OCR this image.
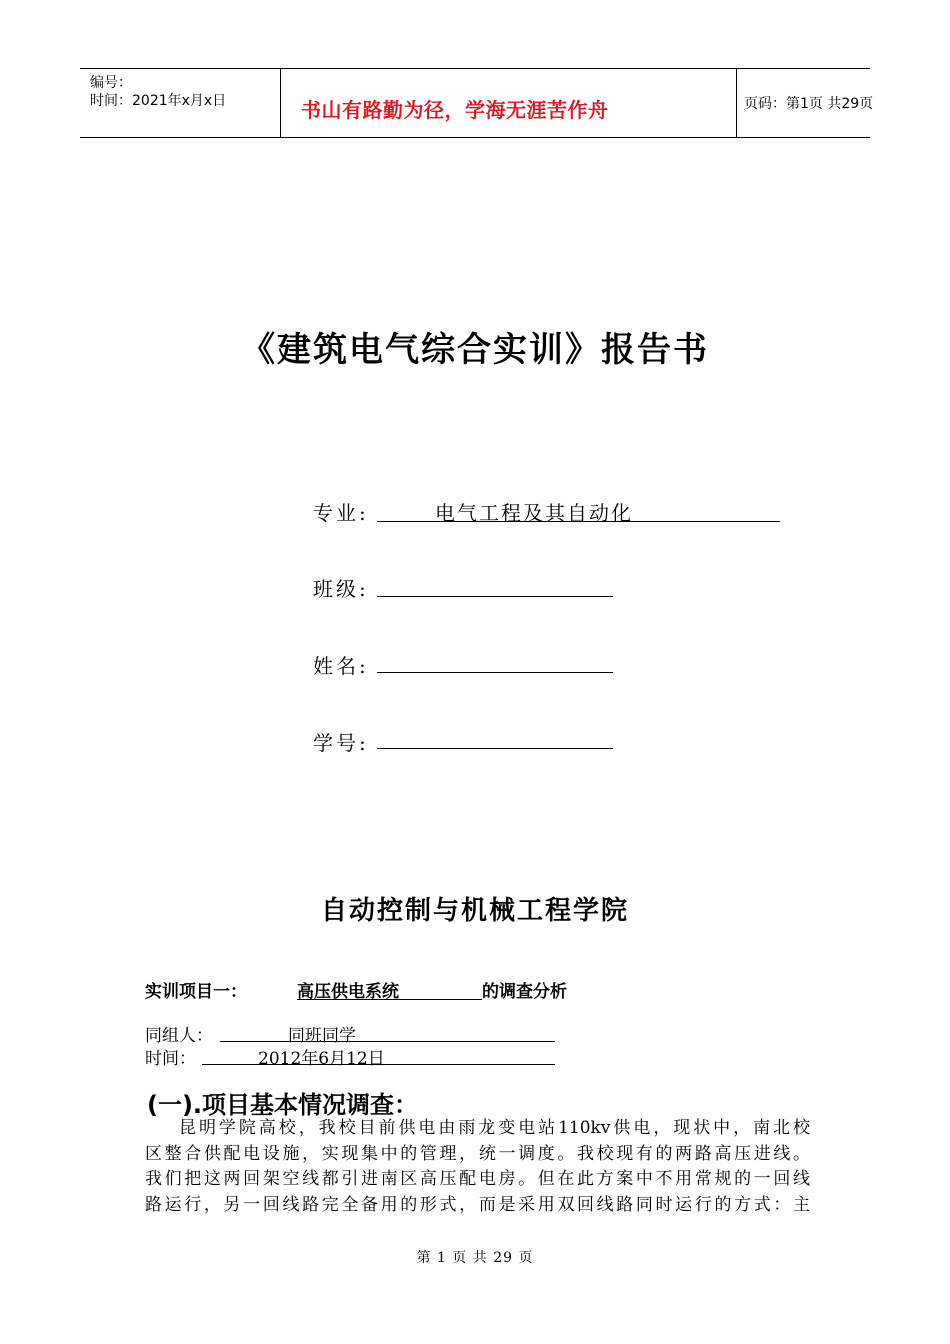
编号：
时间：2021年x月x日	书山有路勤为径，学海无涯苦作舟	页码：第1页 共29页
《建筑电气综合实训》报告书
专业:	电气工程及其自动化
班级:
姓名:
学号:
自动控制与机械工程学院
实训项目一：	高压供电系统	的调查分析
同组人：	同班同学
时间：	2012年6月12日
(一).项目基本情况调查：
昆明学院高校，我校目前供电由雨龙变电站110kv供电，现状中，南北校
区整合供配电设施，实现集中的管理，统一调度。我校现有的两路高压进线。
我们把这两回架空线都引进南区高压配电房。但在此方案中不用常规的一回线
路运行，另一回线路完全备用的形式，而是采用双回线路同时运行的方式：主
第 1 页 共 29 页
